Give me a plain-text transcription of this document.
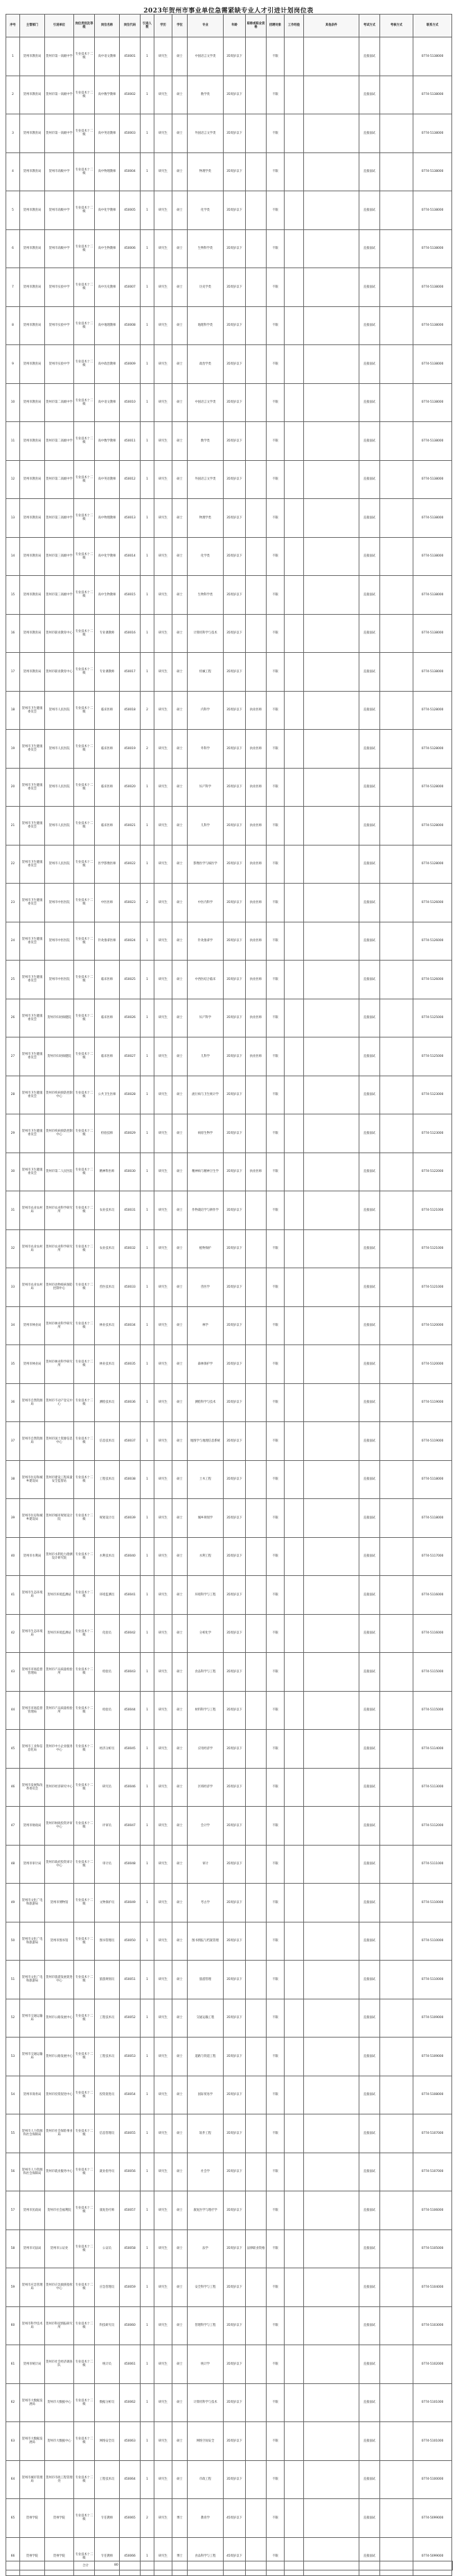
2023年贺州市事业单位急需紧缺专业人才引进计划岗位表
序号	主管部门	引进单位	岗位类别及等级	岗位名称	岗位代码	引进人数	学历	学位	专业	年龄	职称或职业资格	招聘对象	工作经验	其他条件	考试方式	考核方式	联系方式
1	贺州市教育局	贺州市第一高级中学	专业技术十二级	高中语文教师	450001	1	研究生	硕士	中国语言文学类	35周岁以下		不限			直接面试		0774-5138000
2	贺州市教育局	贺州市第一高级中学	专业技术十二级	高中数学教师	450002	1	研究生	硕士	数学类	35周岁以下		不限			直接面试		0774-5138000
3	贺州市教育局	贺州市第一高级中学	专业技术十二级	高中英语教师	450003	1	研究生	硕士	外国语言文学类	35周岁以下		不限			直接面试		0774-5138000
4	贺州市教育局	贺州市高级中学	专业技术十二级	高中物理教师	450004	1	研究生	硕士	物理学类	35周岁以下		不限			直接面试		0774-5138000
5	贺州市教育局	贺州市高级中学	专业技术十二级	高中化学教师	450005	1	研究生	硕士	化学类	35周岁以下		不限			直接面试		0774-5138000
6	贺州市教育局	贺州市高级中学	专业技术十二级	高中生物教师	450006	1	研究生	硕士	生物科学类	35周岁以下		不限			直接面试		0774-5138000
7	贺州市教育局	贺州市实验中学	专业技术十二级	高中历史教师	450007	1	研究生	硕士	历史学类	35周岁以下		不限			直接面试		0774-5138000
8	贺州市教育局	贺州市实验中学	专业技术十二级	高中地理教师	450008	1	研究生	硕士	地理科学类	35周岁以下		不限			直接面试		0774-5138000
9	贺州市教育局	贺州市实验中学	专业技术十二级	高中政治教师	450009	1	研究生	硕士	政治学类	35周岁以下		不限			直接面试		0774-5138000
10	贺州市教育局	贺州市第二高级中学	专业技术十二级	高中语文教师	450010	1	研究生	硕士	中国语言文学类	35周岁以下		不限			直接面试		0774-5138000
11	贺州市教育局	贺州市第二高级中学	专业技术十二级	高中数学教师	450011	1	研究生	硕士	数学类	35周岁以下		不限			直接面试		0774-5138000
12	贺州市教育局	贺州市第二高级中学	专业技术十二级	高中英语教师	450012	1	研究生	硕士	外国语言文学类	35周岁以下		不限			直接面试		0774-5138000
13	贺州市教育局	贺州市第三高级中学	专业技术十二级	高中物理教师	450013	1	研究生	硕士	物理学类	35周岁以下		不限			直接面试		0774-5138000
14	贺州市教育局	贺州市第三高级中学	专业技术十二级	高中化学教师	450014	1	研究生	硕士	化学类	35周岁以下		不限			直接面试		0774-5138000
15	贺州市教育局	贺州市第三高级中学	专业技术十二级	高中生物教师	450015	1	研究生	硕士	生物科学类	35周岁以下		不限			直接面试		0774-5138000
16	贺州市教育局	贺州市职业教育中心	专业技术十二级	专业课教师	450016	1	研究生	硕士	计算机科学与技术	35周岁以下		不限			直接面试		0774-5138000
17	贺州市教育局	贺州市职业教育中心	专业技术十二级	专业课教师	450017	1	研究生	硕士	机械工程	35周岁以下		不限			直接面试		0774-5138000
18	贺州市卫生健康委员会	贺州市人民医院	专业技术十二级	临床医师	450018	2	研究生	硕士	内科学	35周岁以下	执业医师	不限			直接面试		0774-5128000
19	贺州市卫生健康委员会	贺州市人民医院	专业技术十二级	临床医师	450019	2	研究生	硕士	外科学	35周岁以下	执业医师	不限			直接面试		0774-5128000
20	贺州市卫生健康委员会	贺州市人民医院	专业技术十二级	临床医师	450020	1	研究生	硕士	妇产科学	35周岁以下	执业医师	不限			直接面试		0774-5128000
21	贺州市卫生健康委员会	贺州市人民医院	专业技术十二级	临床医师	450021	1	研究生	硕士	儿科学	35周岁以下	执业医师	不限			直接面试		0774-5128000
22	贺州市卫生健康委员会	贺州市人民医院	专业技术十二级	医学影像医师	450022	1	研究生	硕士	影像医学与核医学	35周岁以下	执业医师	不限			直接面试		0774-5128000
23	贺州市卫生健康委员会	贺州市中医医院	专业技术十二级	中医医师	450023	2	研究生	硕士	中医内科学	35周岁以下	执业医师	不限			直接面试		0774-5126000
24	贺州市卫生健康委员会	贺州市中医医院	专业技术十二级	针灸推拿医师	450024	1	研究生	硕士	针灸推拿学	35周岁以下	执业医师	不限			直接面试		0774-5126000
25	贺州市卫生健康委员会	贺州市中医医院	专业技术十二级	临床医师	450025	1	研究生	硕士	中西医结合临床	35周岁以下	执业医师	不限			直接面试		0774-5126000
26	贺州市卫生健康委员会	贺州市妇幼保健院	专业技术十二级	临床医师	450026	1	研究生	硕士	妇产科学	35周岁以下	执业医师	不限			直接面试		0774-5125000
27	贺州市卫生健康委员会	贺州市妇幼保健院	专业技术十二级	临床医师	450027	1	研究生	硕士	儿科学	35周岁以下	执业医师	不限			直接面试		0774-5125000
28	贺州市卫生健康委员会	贺州市疾病预防控制中心	专业技术十二级	公共卫生医师	450028	1	研究生	硕士	流行病与卫生统计学	35周岁以下		不限			直接面试		0774-5123000
29	贺州市卫生健康委员会	贺州市疾病预防控制中心	专业技术十二级	检验技师	450029	1	研究生	硕士	病原生物学	35周岁以下		不限			直接面试		0774-5123000
30	贺州市卫生健康委员会	贺州市第二人民医院	专业技术十二级	精神科医师	450030	1	研究生	硕士	精神病与精神卫生学	35周岁以下	执业医师	不限			直接面试		0774-5122000
31	贺州市农业农村局	贺州市农业科学研究所	专业技术十二级	农业技术员	450031	1	研究生	硕士	作物栽培学与耕作学	35周岁以下		不限			直接面试		0774-5121000
32	贺州市农业农村局	贺州市农业科学研究所	专业技术十二级	农业技术员	450032	1	研究生	硕士	植物保护	35周岁以下		不限			直接面试		0774-5121000
33	贺州市农业农村局	贺州市动物疫病预防控制中心	专业技术十二级	兽医技术员	450033	1	研究生	硕士	兽医学	35周岁以下		不限			直接面试		0774-5121000
34	贺州市林业局	贺州市林业科学研究所	专业技术十二级	林业技术员	450034	1	研究生	硕士	林学	35周岁以下		不限			直接面试		0774-5120000
35	贺州市林业局	贺州市林业科学研究所	专业技术十二级	林业技术员	450035	1	研究生	硕士	森林保护学	35周岁以下		不限			直接面试		0774-5120000
36	贺州市自然资源局	贺州市不动产登记中心	专业技术十二级	测绘技术员	450036	1	研究生	硕士	测绘科学与技术	35周岁以下		不限			直接面试		0774-5119000
37	贺州市自然资源局	贺州市国土资源信息中心	专业技术十二级	信息技术员	450037	1	研究生	硕士	地图学与地理信息系统	35周岁以下		不限			直接面试		0774-5119000
38	贺州市住房和城乡建设局	贺州市建设工程质量安全监督站	专业技术十二级	工程技术员	450038	1	研究生	硕士	土木工程	35周岁以下		不限			直接面试		0774-5118000
39	贺州市住房和城乡建设局	贺州市城市规划设计院	专业技术十二级	规划设计员	450039	1	研究生	硕士	城乡规划学	35周岁以下		不限			直接面试		0774-5118000
40	贺州市水利局	贺州市水利电力勘测设计研究院	专业技术十二级	水利技术员	450040	1	研究生	硕士	水利工程	35周岁以下		不限			直接面试		0774-5117000
41	贺州市生态环境局	贺州市环境监测站	专业技术十二级	环境监测员	450041	1	研究生	硕士	环境科学与工程	35周岁以下		不限			直接面试		0774-5116000
42	贺州市生态环境局	贺州市环境监测站	专业技术十二级	化验员	450042	1	研究生	硕士	分析化学	35周岁以下		不限			直接面试		0774-5116000
43	贺州市市场监督管理局	贺州市产品质量检验所	专业技术十二级	检验员	450043	1	研究生	硕士	食品科学与工程	35周岁以下		不限			直接面试		0774-5115000
44	贺州市市场监督管理局	贺州市产品质量检验所	专业技术十二级	检验员	450044	1	研究生	硕士	材料科学与工程	35周岁以下		不限			直接面试		0774-5115000
45	贺州市工业和信息化局	贺州市中小企业服务中心	专业技术十二级	经济分析员	450045	1	研究生	硕士	应用经济学	35周岁以下		不限			直接面试		0774-5114000
46	贺州市发展和改革委员会	贺州市经济研究中心	专业技术十二级	研究员	450046	1	研究生	硕士	区域经济学	35周岁以下		不限			直接面试		0774-5113000
47	贺州市财政局	贺州市财政投资评审中心	专业技术十二级	评审员	450047	1	研究生	硕士	会计学	35周岁以下		不限			直接面试		0774-5112000
48	贺州市审计局	贺州市政府投资审计中心	专业技术十二级	审计员	450048	1	研究生	硕士	审计	35周岁以下		不限			直接面试		0774-5111000
49	贺州市文化广电和旅游局	贺州市博物馆	专业技术十二级	文物保护员	450049	1	研究生	硕士	考古学	35周岁以下		不限			直接面试		0774-5110000
50	贺州市文化广电和旅游局	贺州市图书馆	专业技术十二级	图书管理员	450050	1	研究生	硕士	图书情报与档案管理	35周岁以下		不限			直接面试		0774-5110000
51	贺州市文化广电和旅游局	贺州市旅游发展促进中心	专业技术十二级	旅游规划员	450051	1	研究生	硕士	旅游管理	35周岁以下		不限			直接面试		0774-5110000
52	贺州市交通运输局	贺州市公路发展中心	专业技术十二级	工程技术员	450052	1	研究生	硕士	交通运输工程	35周岁以下		不限			直接面试		0774-5109000
53	贺州市交通运输局	贺州市公路发展中心	专业技术十二级	工程技术员	450053	1	研究生	硕士	道路与铁道工程	35周岁以下		不限			直接面试		0774-5109000
54	贺州市商务局	贺州市投资促进中心	专业技术十二级	投资促进员	450054	1	研究生	硕士	国际贸易学	35周岁以下		不限			直接面试		0774-5108000
55	贺州市人力资源和社会保障局	贺州市社会保险事业局	专业技术十二级	信息管理员	450055	1	研究生	硕士	软件工程	35周岁以下		不限			直接面试		0774-5107000
56	贺州市人力资源和社会保障局	贺州市就业服务中心	专业技术十二级	就业指导员	450056	1	研究生	硕士	社会学	35周岁以下		不限			直接面试		0774-5107000
57	贺州市民政局	贺州市社会福利院	专业技术十二级	康复治疗师	450057	1	研究生	硕士	康复医学与理疗学	35周岁以下		不限			直接面试		0774-5106000
58	贺州市司法局	贺州市公证处	专业技术十二级	公证员	450058	1	研究生	硕士	法学	35周岁以下	法律职业资格	不限			直接面试		0774-5105000
59	贺州市应急管理局	贺州市应急救援指挥中心	专业技术十二级	应急管理员	450059	1	研究生	硕士	安全科学与工程	35周岁以下		不限			直接面试		0774-5104000
60	贺州市科学技术局	贺州市科技情报研究所	专业技术十二级	科技研究员	450060	1	研究生	硕士	管理科学与工程	35周岁以下		不限			直接面试		0774-5103000
61	贺州市统计局	贺州市社会经济调查队	专业技术十二级	统计员	450061	1	研究生	硕士	统计学	35周岁以下		不限			直接面试		0774-5102000
62	贺州市大数据发展局	贺州市大数据中心	专业技术十二级	数据分析员	450062	1	研究生	硕士	计算机科学与技术	35周岁以下		不限			直接面试		0774-5101000
63	贺州市大数据发展局	贺州市大数据中心	专业技术十二级	网络安全员	450063	1	研究生	硕士	网络空间安全	35周岁以下		不限			直接面试		0774-5101000
64	贺州市城市管理局	贺州市市政工程管理处	专业技术十二级	工程技术员	450064	1	研究生	硕士	市政工程	35周岁以下		不限			直接面试		0774-5100000
65	贺州学院	贺州学院	专业技术十二级	专任教师	450065	2	研究生	博士	教育学	45周岁以下		不限			直接面试		0774-5099000
66	贺州学院	贺州学院	专业技术十二级	专任教师	450066	1	研究生	博士	食品科学与工程	45周岁以下		不限			直接面试		0774-5099000
合计	80
